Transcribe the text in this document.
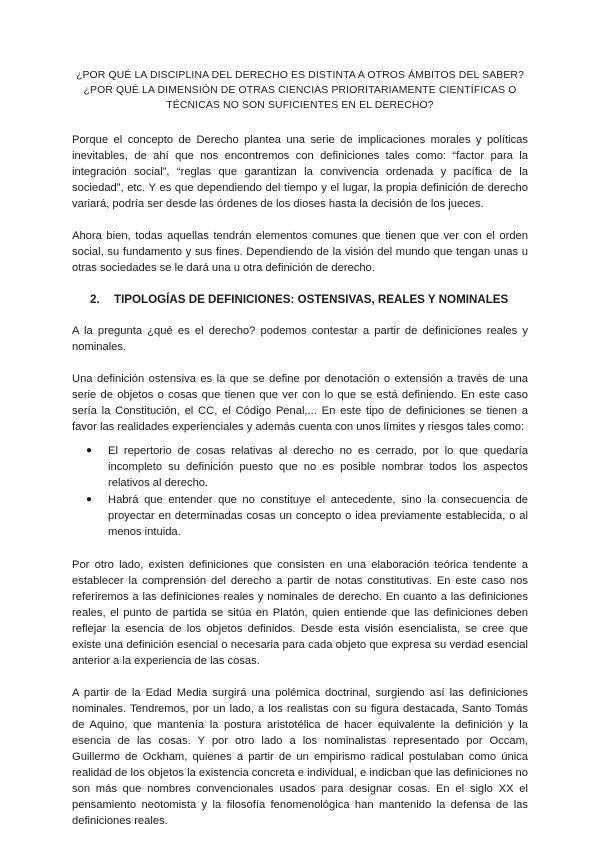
¿POR QUÉ LA DISCIPLINA DEL DERECHO ES DISTINTA A OTROS ÁMBITOS DEL SABER?
¿POR QUÉ LA DIMENSIÓN DE OTRAS CIENCIAS PRIORITARIAMENTE CIENTÍFICAS O
TÉCNICAS NO SON SUFICIENTES EN EL DERECHO?

Porque el concepto de Derecho plantea una serie de implicaciones morales y políticas inevitables, de ahí que nos encontremos con definiciones tales como: “factor para la integración social”, “reglas que garantizan la convivencia ordenada y pacífica de la sociedad”, etc. Y es que dependiendo del tiempo y el lugar, la propia definición de derecho variará, podría ser desde las órdenes de los dioses hasta la decisión de los jueces.

Ahora bien, todas aquellas tendrán elementos comunes que tienen que ver con el orden social, su fundamento y sus fines. Dependiendo de la visión del mundo que tengan unas u otras sociedades se le dará una u otra definición de derecho.

2. TIPOLOGÍAS DE DEFINICIONES: OSTENSIVAS, REALES Y NOMINALES

A la pregunta ¿qué es el derecho? podemos contestar a partir de definiciones reales y nominales.

Una definición ostensiva es la que se define por denotación o extensión a través de una serie de objetos o cosas que tienen que ver con lo que se está definiendo. En este caso sería la Constitución, el CC, el Código Penal,... En este tipo de definiciones se tienen a favor las realidades experienciales y además cuenta con unos límites y riesgos tales como:

● El repertorio de cosas relativas al derecho no es cerrado, por lo que quedaría incompleto su definición puesto que no es posible nombrar todos los aspectos relativos al derecho.
● Habrá que entender que no constituye el antecedente, sino la consecuencia de proyectar en determinadas cosas un concepto o idea previamente establecida, o al menos intuida.

Por otro lado, existen definiciones que consisten en una elaboración teórica tendente a establecer la comprensión del derecho a partir de notas constitutivas. En este caso nos referiremos a las definiciones reales y nominales de derecho. En cuanto a las definiciones reales, el punto de partida se sitúa en Platón, quien entiende que las definiciones deben reflejar la esencia de los objetos definidos. Desde esta visión esencialista, se cree que existe una definición esencial o necesaria para cada objeto que expresa su verdad esencial anterior a la experiencia de las cosas.

A partir de la Edad Media surgirá una polémica doctrinal, surgiendo así las definiciones nominales. Tendremos, por un lado, a los realistas con su figura destacada, Santo Tomás de Aquino, que mantenía la postura aristotélica de hacer equivalente la definición y la esencia de las cosas. Y por otro lado a los nominalistas representado por Occam, Guillermo de Ockham, quienes a partir de un empirismo radical postulaban como única realidad de los objetos la existencia concreta e individual, e indicban que las definiciones no son más que nombres convencionales usados para designar cosas. En el siglo XX el pensamiento neotomista y la filosofía fenomenológica han mantenido la defensa de las definiciones reales.
